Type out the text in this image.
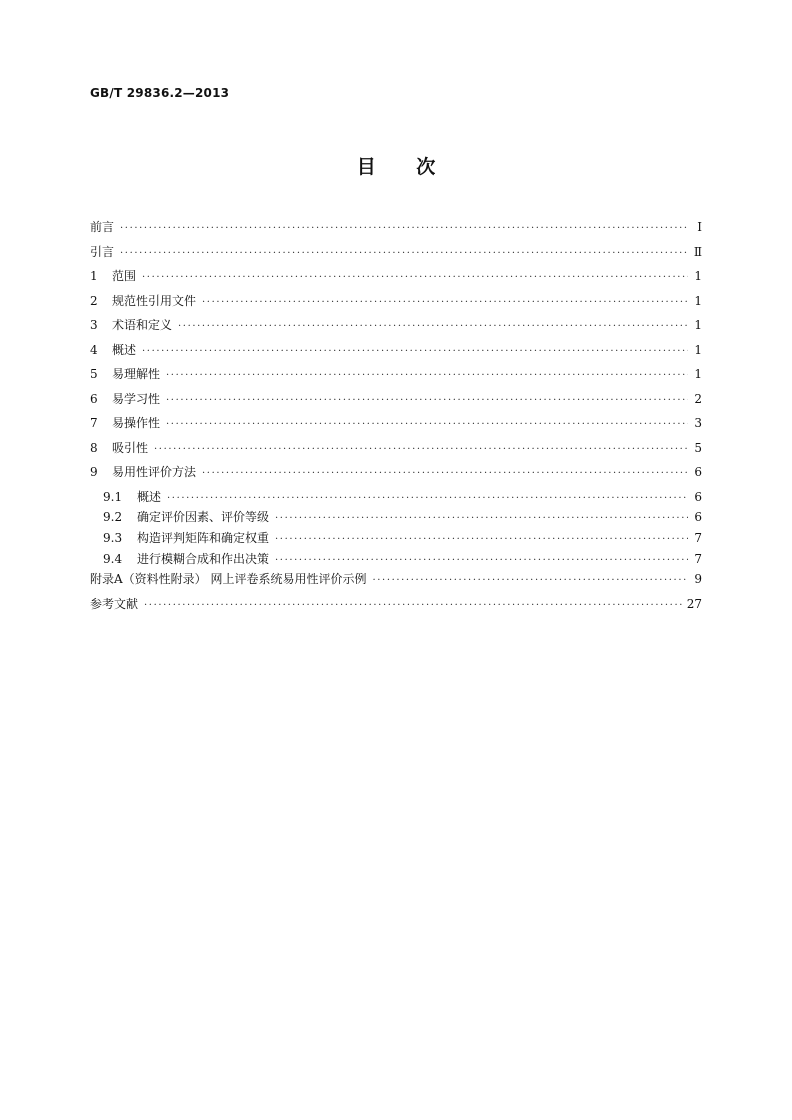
GB/T 29836.2—2013
目 次
前言 ·····	Ⅰ
引言 ·····	Ⅱ
1	范围 ·····	1
2	规范性引用文件 ·····	1
3	术语和定义 ·····	1
4	概述 ·····	1
5	易理解性 ·····	1
6	易学习性 ·····	2
7	易操作性 ·····	3
8	吸引性 ·····	5
9	易用性评价方法 ·····	6
9.1	概述 ·····	6
9.2	确定评价因素、评价等级 ·····	6
9.3	构造评判矩阵和确定权重 ·····	7
9.4	进行模糊合成和作出决策 ·····	7
附录A（资料性附录） 网上评卷系统易用性评价示例 ·····	9
参考文献 ·····	27
